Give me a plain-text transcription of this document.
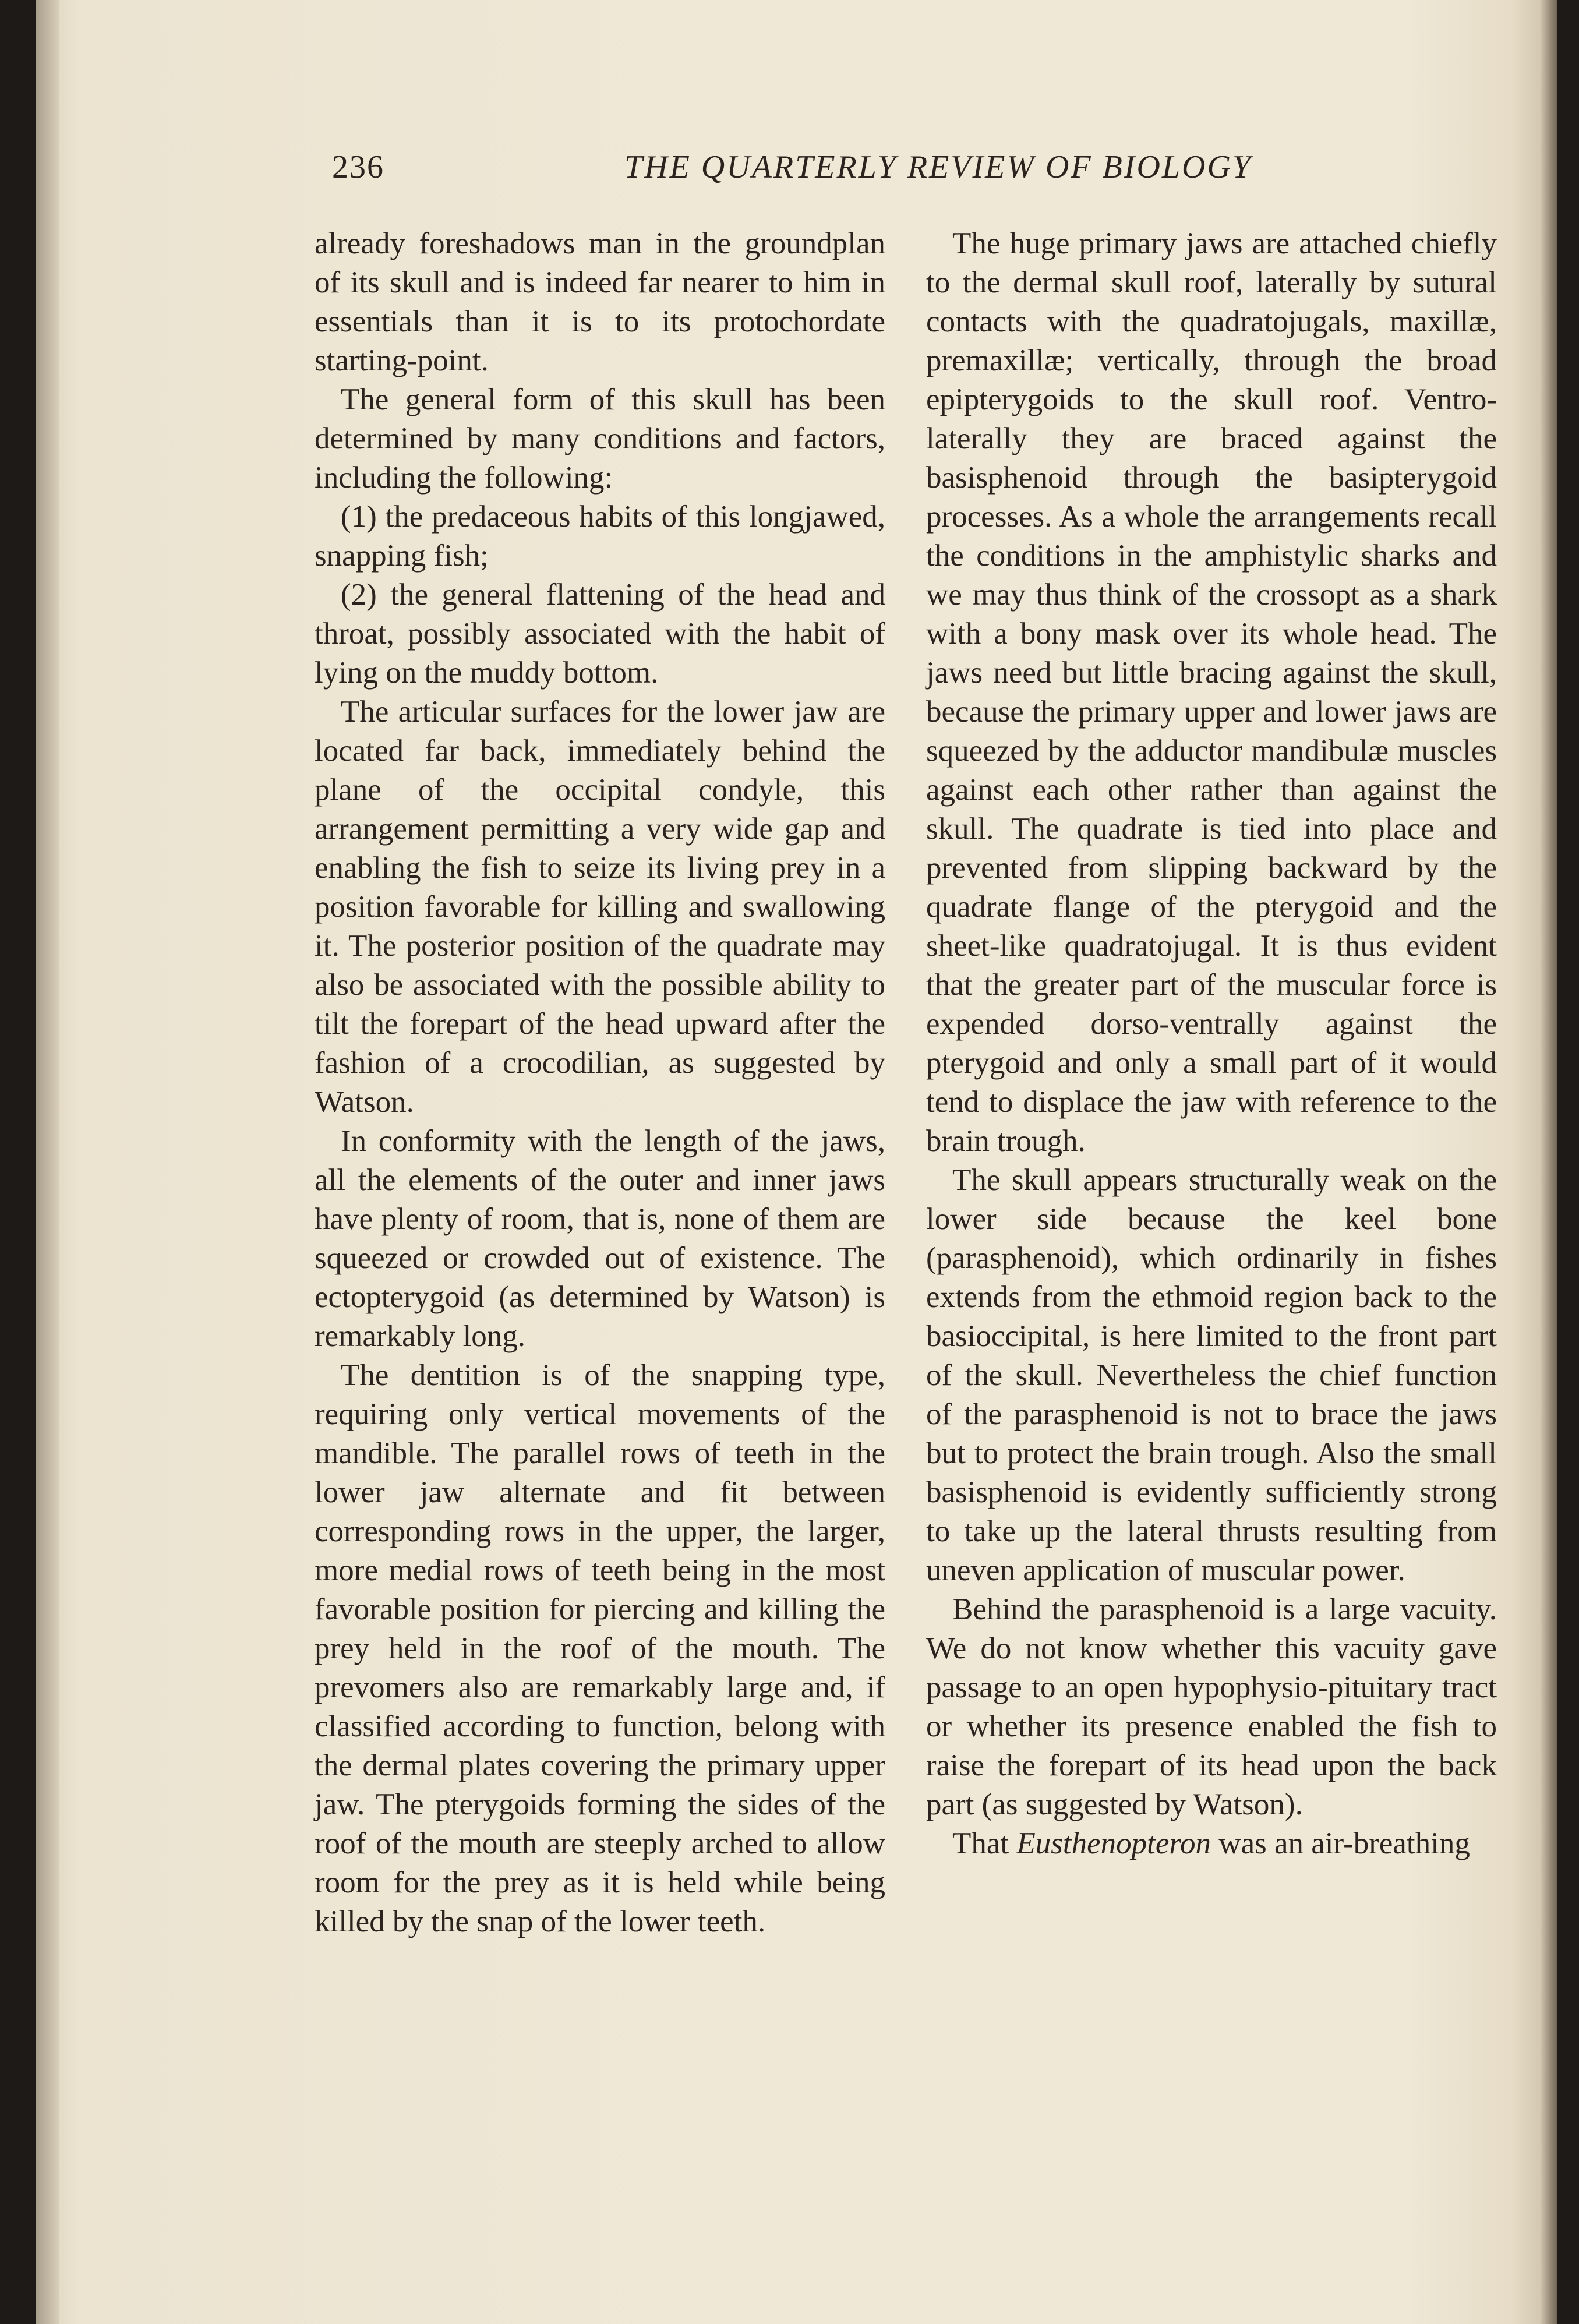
236	THE QUARTERLY REVIEW OF BIOLOGY

already foreshadows man in the groundplan of its skull and is indeed far nearer to him in essentials than it is to its protochordate starting-point.

The general form of this skull has been determined by many conditions and factors, including the following:

(1) the predaceous habits of this longjawed, snapping fish;

(2) the general flattening of the head and throat, possibly associated with the habit of lying on the muddy bottom.

The articular surfaces for the lower jaw are located far back, immediately behind the plane of the occipital condyle, this arrangement permitting a very wide gap and enabling the fish to seize its living prey in a position favorable for killing and swallowing it. The posterior position of the quadrate may also be associated with the possible ability to tilt the forepart of the head upward after the fashion of a crocodilian, as suggested by Watson.

In conformity with the length of the jaws, all the elements of the outer and inner jaws have plenty of room, that is, none of them are squeezed or crowded out of existence. The ectopterygoid (as determined by Watson) is remarkably long.

The dentition is of the snapping type, requiring only vertical movements of the mandible. The parallel rows of teeth in the lower jaw alternate and fit between corresponding rows in the upper, the larger, more medial rows of teeth being in the most favorable position for piercing and killing the prey held in the roof of the mouth. The prevomers also are remarkably large and, if classified according to function, belong with the dermal plates covering the primary upper jaw. The pterygoids forming the sides of the roof of the mouth are steeply arched to allow room for the prey as it is held while being killed by the snap of the lower teeth.

The huge primary jaws are attached chiefly to the dermal skull roof, laterally by sutural contacts with the quadratojugals, maxillæ, premaxillæ; vertically, through the broad epipterygoids to the skull roof. Ventro-laterally they are braced against the basisphenoid through the basipterygoid processes. As a whole the arrangements recall the conditions in the amphistylic sharks and we may thus think of the crossopt as a shark with a bony mask over its whole head. The jaws need but little bracing against the skull, because the primary upper and lower jaws are squeezed by the adductor mandibulæ muscles against each other rather than against the skull. The quadrate is tied into place and prevented from slipping backward by the quadrate flange of the pterygoid and the sheet-like quadratojugal. It is thus evident that the greater part of the muscular force is expended dorso-ventrally against the pterygoid and only a small part of it would tend to displace the jaw with reference to the brain trough.

The skull appears structurally weak on the lower side because the keel bone (parasphenoid), which ordinarily in fishes extends from the ethmoid region back to the basioccipital, is here limited to the front part of the skull. Nevertheless the chief function of the parasphenoid is not to brace the jaws but to protect the brain trough. Also the small basisphenoid is evidently sufficiently strong to take up the lateral thrusts resulting from uneven application of muscular power.

Behind the parasphenoid is a large vacuity. We do not know whether this vacuity gave passage to an open hypophysio-pituitary tract or whether its presence enabled the fish to raise the forepart of its head upon the back part (as suggested by Watson).

That Eusthenopteron was an air-breathing
